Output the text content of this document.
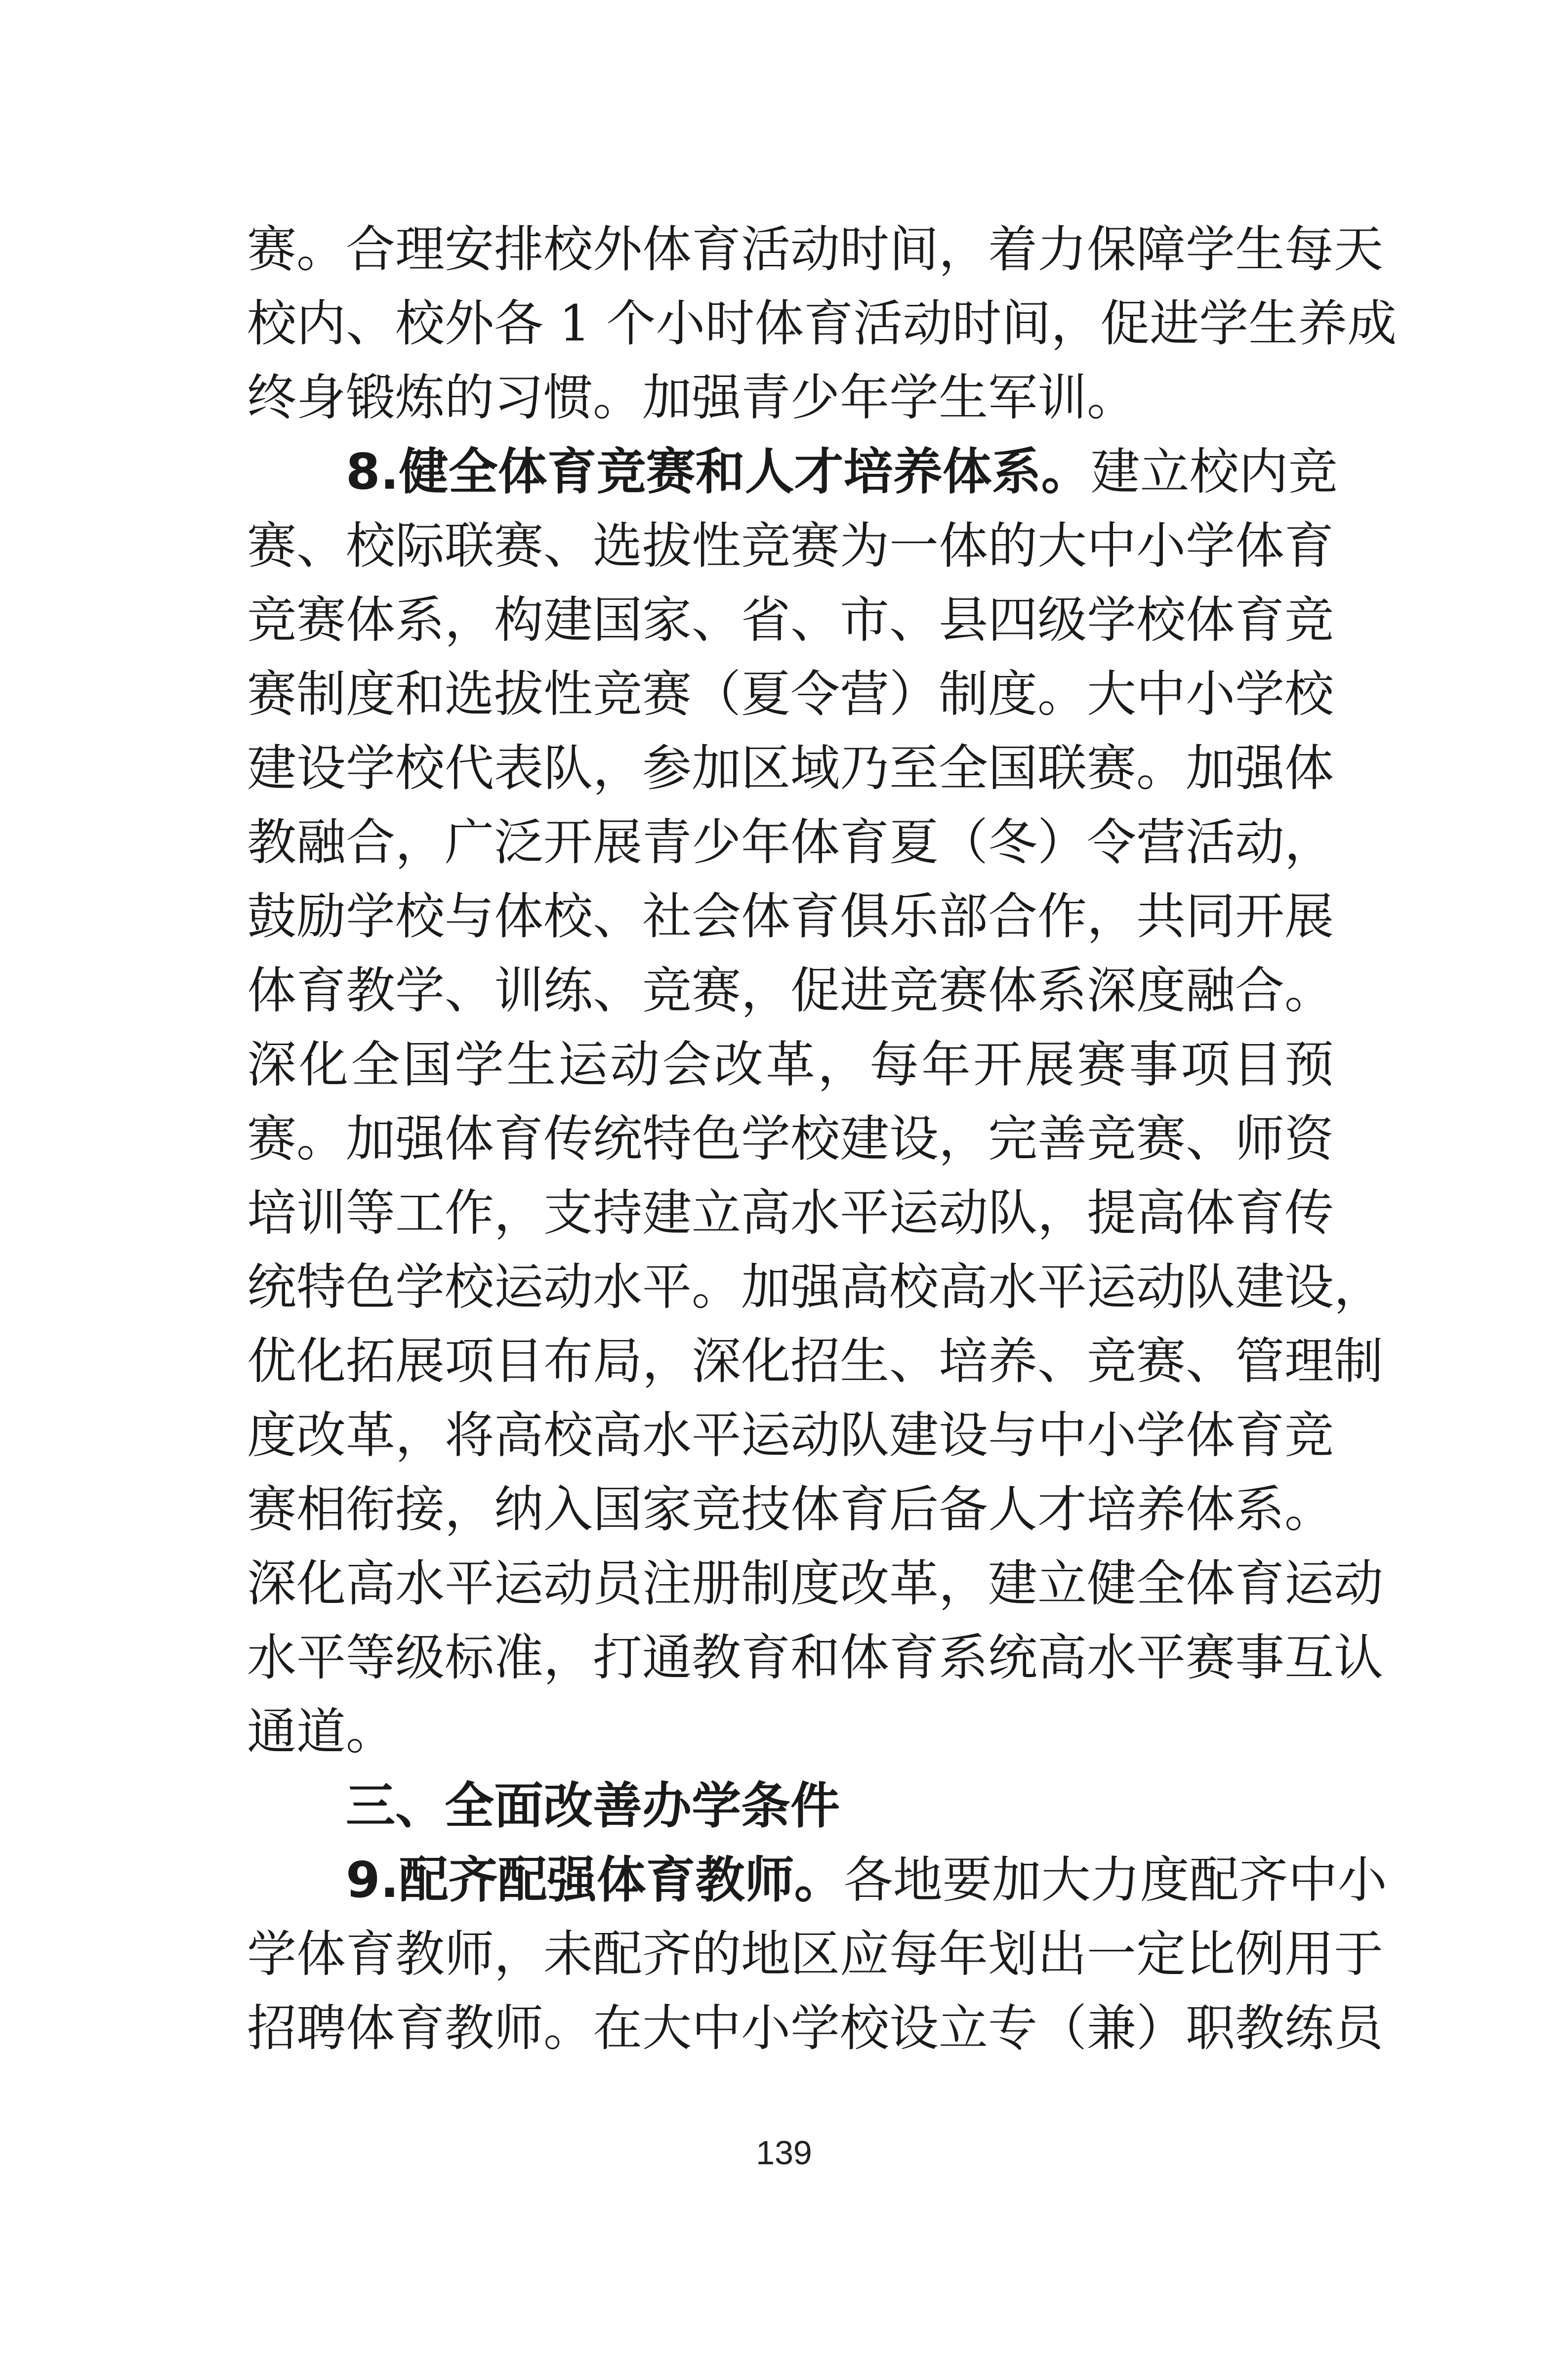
赛。合理安排校外体育活动时间，着力保障学生每天
校内、校外各 1 个小时体育活动时间，促进学生养成
终身锻炼的习惯。加强青少年学生军训。
8.健全体育竞赛和人才培养体系。建立校内竞
赛、校际联赛、选拔性竞赛为一体的大中小学体育
竞赛体系，构建国家、省、市、县四级学校体育竞
赛制度和选拔性竞赛（夏令营）制度。大中小学校
建设学校代表队，参加区域乃至全国联赛。加强体
教融合，广泛开展青少年体育夏（冬）令营活动，
鼓励学校与体校、社会体育俱乐部合作，共同开展
体育教学、训练、竞赛，促进竞赛体系深度融合。
深化全国学生运动会改革，每年开展赛事项目预
赛。加强体育传统特色学校建设，完善竞赛、师资
培训等工作，支持建立高水平运动队，提高体育传
统特色学校运动水平。加强高校高水平运动队建设，
优化拓展项目布局，深化招生、培养、竞赛、管理制
度改革，将高校高水平运动队建设与中小学体育竞
赛相衔接，纳入国家竞技体育后备人才培养体系。
深化高水平运动员注册制度改革，建立健全体育运动
水平等级标准，打通教育和体育系统高水平赛事互认
通道。
三、全面改善办学条件
9.配齐配强体育教师。各地要加大力度配齐中小
学体育教师，未配齐的地区应每年划出一定比例用于
招聘体育教师。在大中小学校设立专（兼）职教练员
139
